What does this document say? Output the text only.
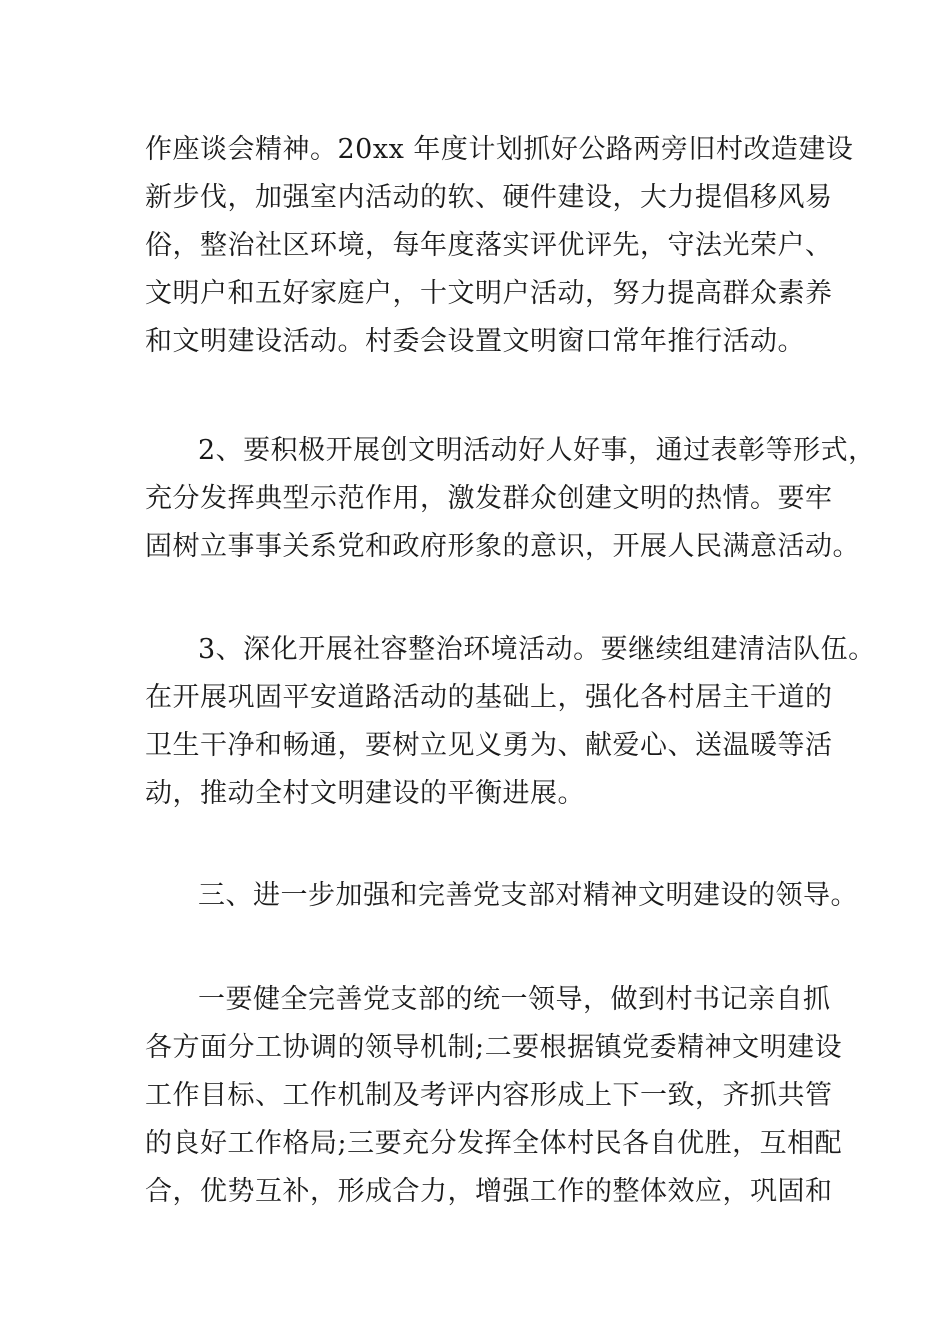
作座谈会精神。20xx 年度计划抓好公路两旁旧村改造建设
新步伐，加强室内活动的软、硬件建设，大力提倡移风易
俗，整治社区环境，每年度落实评优评先，守法光荣户、
文明户和五好家庭户，十文明户活动，努力提高群众素养
和文明建设活动。村委会设置文明窗口常年推行活动。
2、要积极开展创文明活动好人好事，通过表彰等形式，
充分发挥典型示范作用，激发群众创建文明的热情。要牢
固树立事事关系党和政府形象的意识，开展人民满意活动。
3、深化开展社容整治环境活动。要继续组建清洁队伍。
在开展巩固平安道路活动的基础上，强化各村居主干道的
卫生干净和畅通，要树立见义勇为、献爱心、送温暖等活
动，推动全村文明建设的平衡进展。
三、进一步加强和完善党支部对精神文明建设的领导。
一要健全完善党支部的统一领导，做到村书记亲自抓
各方面分工协调的领导机制;二要根据镇党委精神文明建设
工作目标、工作机制及考评内容形成上下一致，齐抓共管
的良好工作格局;三要充分发挥全体村民各自优胜，互相配
合，优势互补，形成合力，增强工作的整体效应，巩固和
